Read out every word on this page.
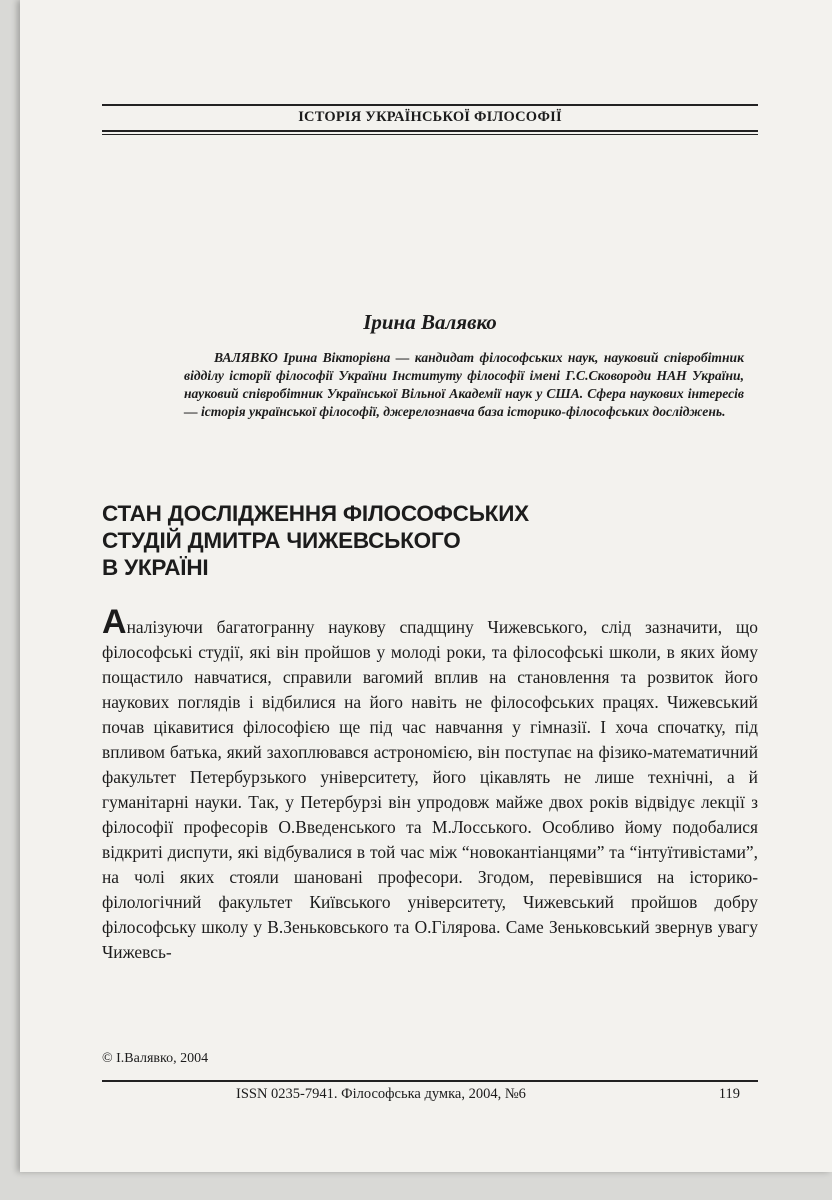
ІСТОРІЯ УКРАЇНСЬКОЇ ФІЛОСОФІЇ
Ірина Валявко
ВАЛЯВКО Ірина Вікторівна — кандидат філософських наук, науковий співробітник відділу історії філософії України Інституту філософії імені Г.С.Сковороди НАН України, науковий співробітник Української Вільної Академії наук у США. Сфера наукових інтересів — історія української філософії, джерелознавча база історико-філософських досліджень.
СТАН ДОСЛІДЖЕННЯ ФІЛОСОФСЬКИХ
СТУДІЙ ДМИТРА ЧИЖЕВСЬКОГО
В УКРАЇНІ

Аналізуючи багатогранну наукову спадщину Чижевського, слід зазначити, що філософські студії, які він пройшов у молоді роки, та філософські школи, в яких йому пощастило навчатися, справили вагомий вплив на становлення та розвиток його наукових поглядів і відбилися на його навіть не філософських працях. Чижевський почав цікавитися філософією ще під час навчання у гімназії. І хоча спочатку, під впливом батька, який захоплювався астрономією, він поступає на фізико-математичний факультет Петербурзького університету, його цікавлять не лише технічні, а й гуманітарні науки. Так, у Петербурзі він упродовж майже двох років відвідує лекції з філософії професорів О.Введенського та М.Лосського. Особливо йому подобалися відкриті диспути, які відбувалися в той час між “новокантіанцями” та “інтуїтивістами”, на чолі яких стояли шановані професори. Згодом, перевівшися на історико-філологічний факультет Київського університету, Чижевський пройшов добру філософську школу у В.Зеньковського та О.Гілярова. Саме Зеньковський звернув увагу Чижевсь-

© І.Валявко, 2004
ISSN 0235-7941. Філософська думка, 2004, №6	119
